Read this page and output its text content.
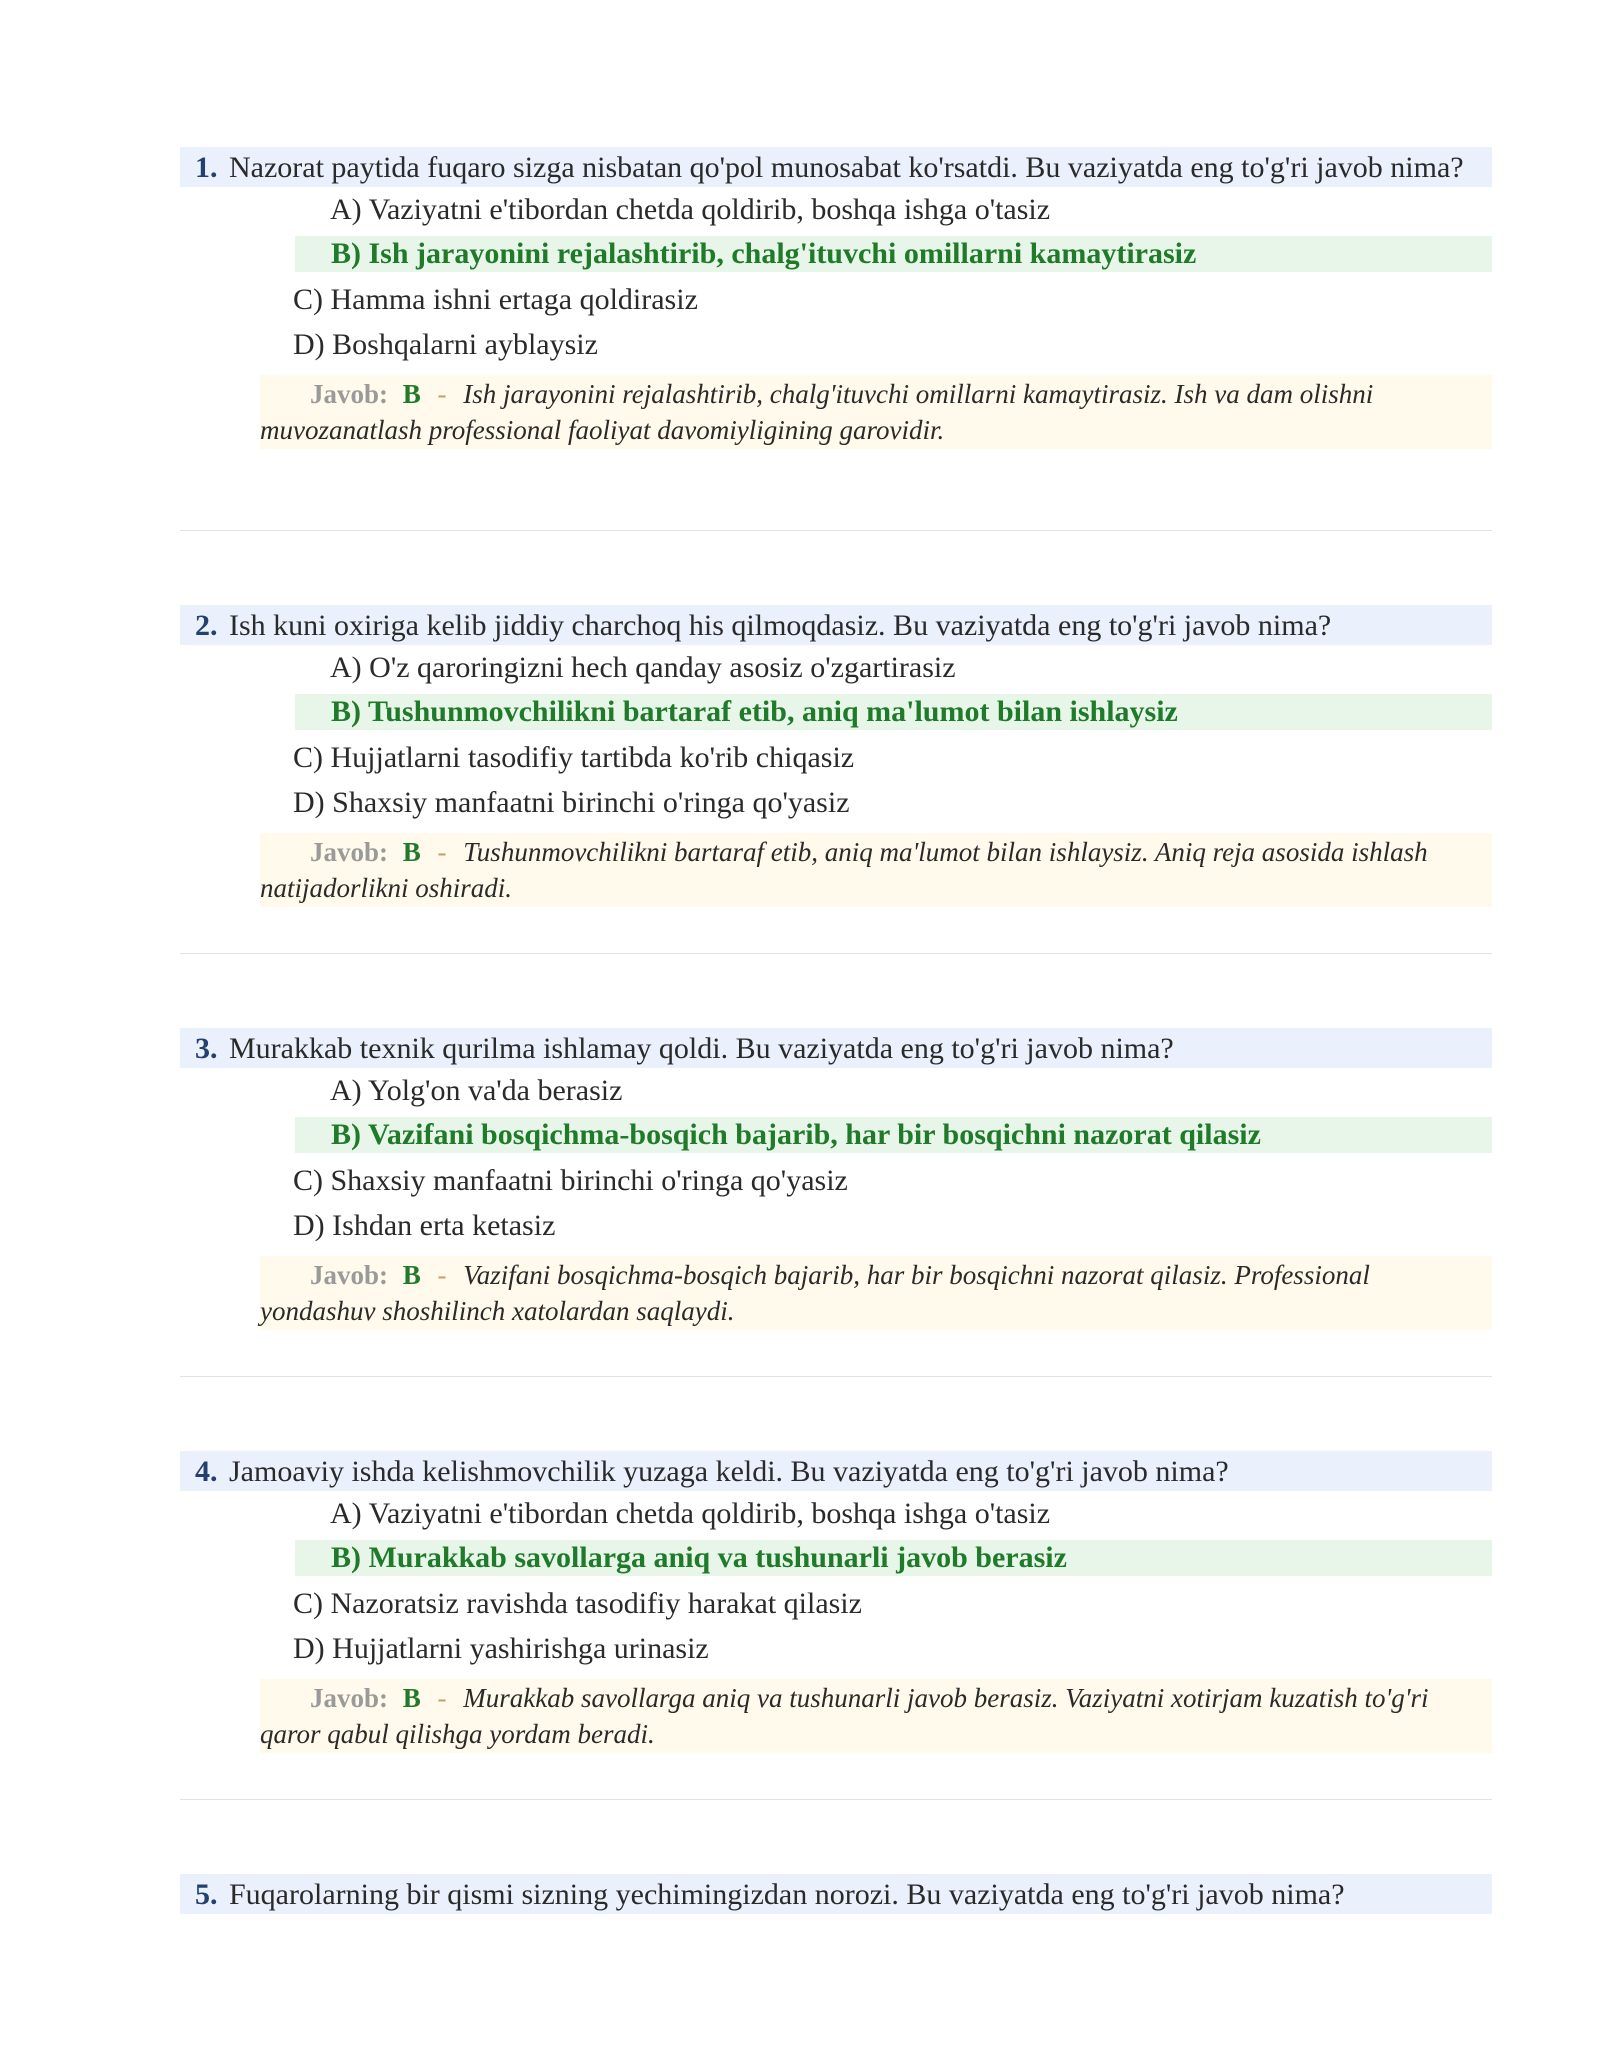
1. Nazorat paytida fuqaro sizga nisbatan qo'pol munosabat ko'rsatdi. Bu vaziyatda eng to'g'ri javob nima?
A) Vaziyatni e'tibordan chetda qoldirib, boshqa ishga o'tasiz
B) Ish jarayonini rejalashtirib, chalg'ituvchi omillarni kamaytirasiz
C) Hamma ishni ertaga qoldirasiz
D) Boshqalarni ayblaysiz
Javob: B - Ish jarayonini rejalashtirib, chalg'ituvchi omillarni kamaytirasiz. Ish va dam olishni muvozanatlash professional faoliyat davomiyligining garovidir.
2. Ish kuni oxiriga kelib jiddiy charchoq his qilmoqdasiz. Bu vaziyatda eng to'g'ri javob nima?
A) O'z qaroringizni hech qanday asosiz o'zgartirasiz
B) Tushunmovchilikni bartaraf etib, aniq ma'lumot bilan ishlaysiz
C) Hujjatlarni tasodifiy tartibda ko'rib chiqasiz
D) Shaxsiy manfaatni birinchi o'ringa qo'yasiz
Javob: B - Tushunmovchilikni bartaraf etib, aniq ma'lumot bilan ishlaysiz. Aniq reja asosida ishlash natijadorlikni oshiradi.
3. Murakkab texnik qurilma ishlamay qoldi. Bu vaziyatda eng to'g'ri javob nima?
A) Yolg'on va'da berasiz
B) Vazifani bosqichma-bosqich bajarib, har bir bosqichni nazorat qilasiz
C) Shaxsiy manfaatni birinchi o'ringa qo'yasiz
D) Ishdan erta ketasiz
Javob: B - Vazifani bosqichma-bosqich bajarib, har bir bosqichni nazorat qilasiz. Professional yondashuv shoshilinch xatolardan saqlaydi.
4. Jamoaviy ishda kelishmovchilik yuzaga keldi. Bu vaziyatda eng to'g'ri javob nima?
A) Vaziyatni e'tibordan chetda qoldirib, boshqa ishga o'tasiz
B) Murakkab savollarga aniq va tushunarli javob berasiz
C) Nazoratsiz ravishda tasodifiy harakat qilasiz
D) Hujjatlarni yashirishga urinasiz
Javob: B - Murakkab savollarga aniq va tushunarli javob berasiz. Vaziyatni xotirjam kuzatish to'g'ri qaror qabul qilishga yordam beradi.
5. Fuqarolarning bir qismi sizning yechimingizdan norozi. Bu vaziyatda eng to'g'ri javob nima?
